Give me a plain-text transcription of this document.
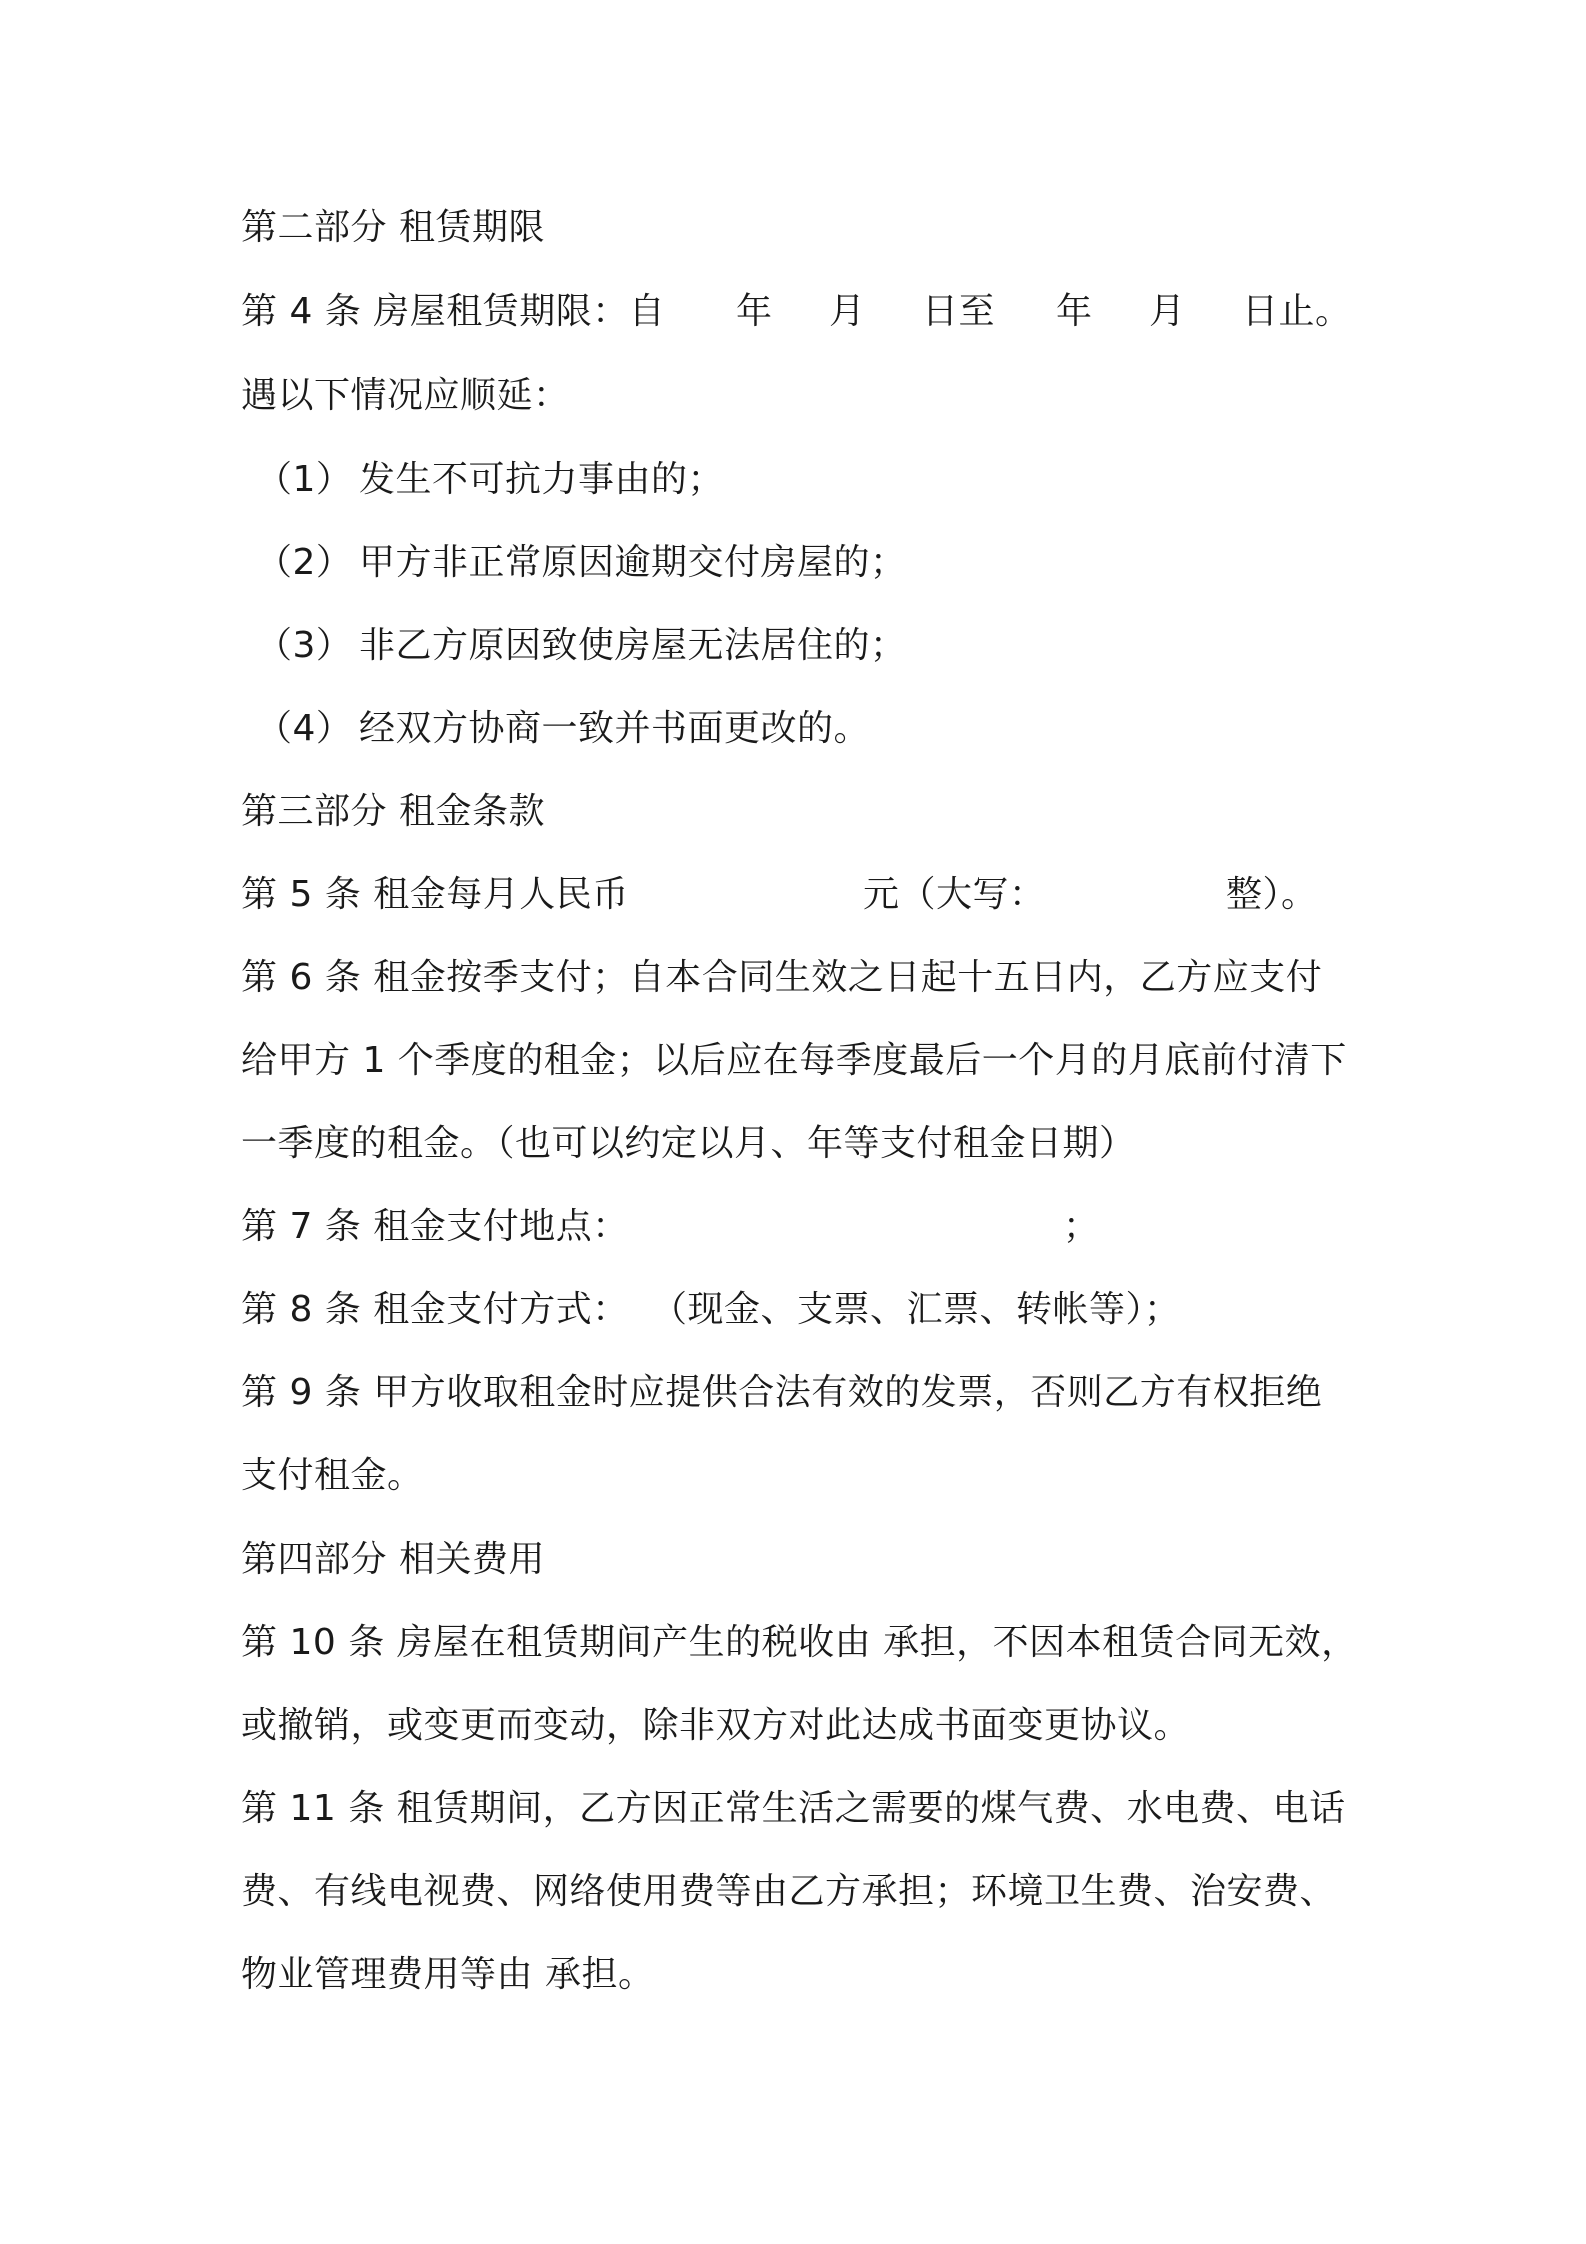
第二部分 租赁期限
第 4 条 房屋租赁期限：自 年 月 日至 年 月 日止。
遇以下情况应顺延：
（1） 发生不可抗力事由的；
（2） 甲方非正常原因逾期交付房屋的；
（3） 非乙方原因致使房屋无法居住的；
（4） 经双方协商一致并书面更改的。
第三部分 租金条款
第 5 条 租金每月人民币	元（大写：	整）。
第 6 条 租金按季支付；自本合同生效之日起十五日内，乙方应支付
给甲方 1 个季度的租金；以后应在每季度最后一个月的月底前付清下
一季度的租金。（也可以约定以月、年等支付租金日期）
第 7 条 租金支付地点：	；
第 8 条 租金支付方式： （现金、支票、汇票、转帐等）；
第 9 条 甲方收取租金时应提供合法有效的发票，否则乙方有权拒绝
支付租金。
第四部分 相关费用
第 10 条 房屋在租赁期间产生的税收由 承担，不因本租赁合同无效，
或撤销，或变更而变动，除非双方对此达成书面变更协议。
第 11 条 租赁期间，乙方因正常生活之需要的煤气费、水电费、电话
费、有线电视费、网络使用费等由乙方承担；环境卫生费、治安费、
物业管理费用等由 承担。
